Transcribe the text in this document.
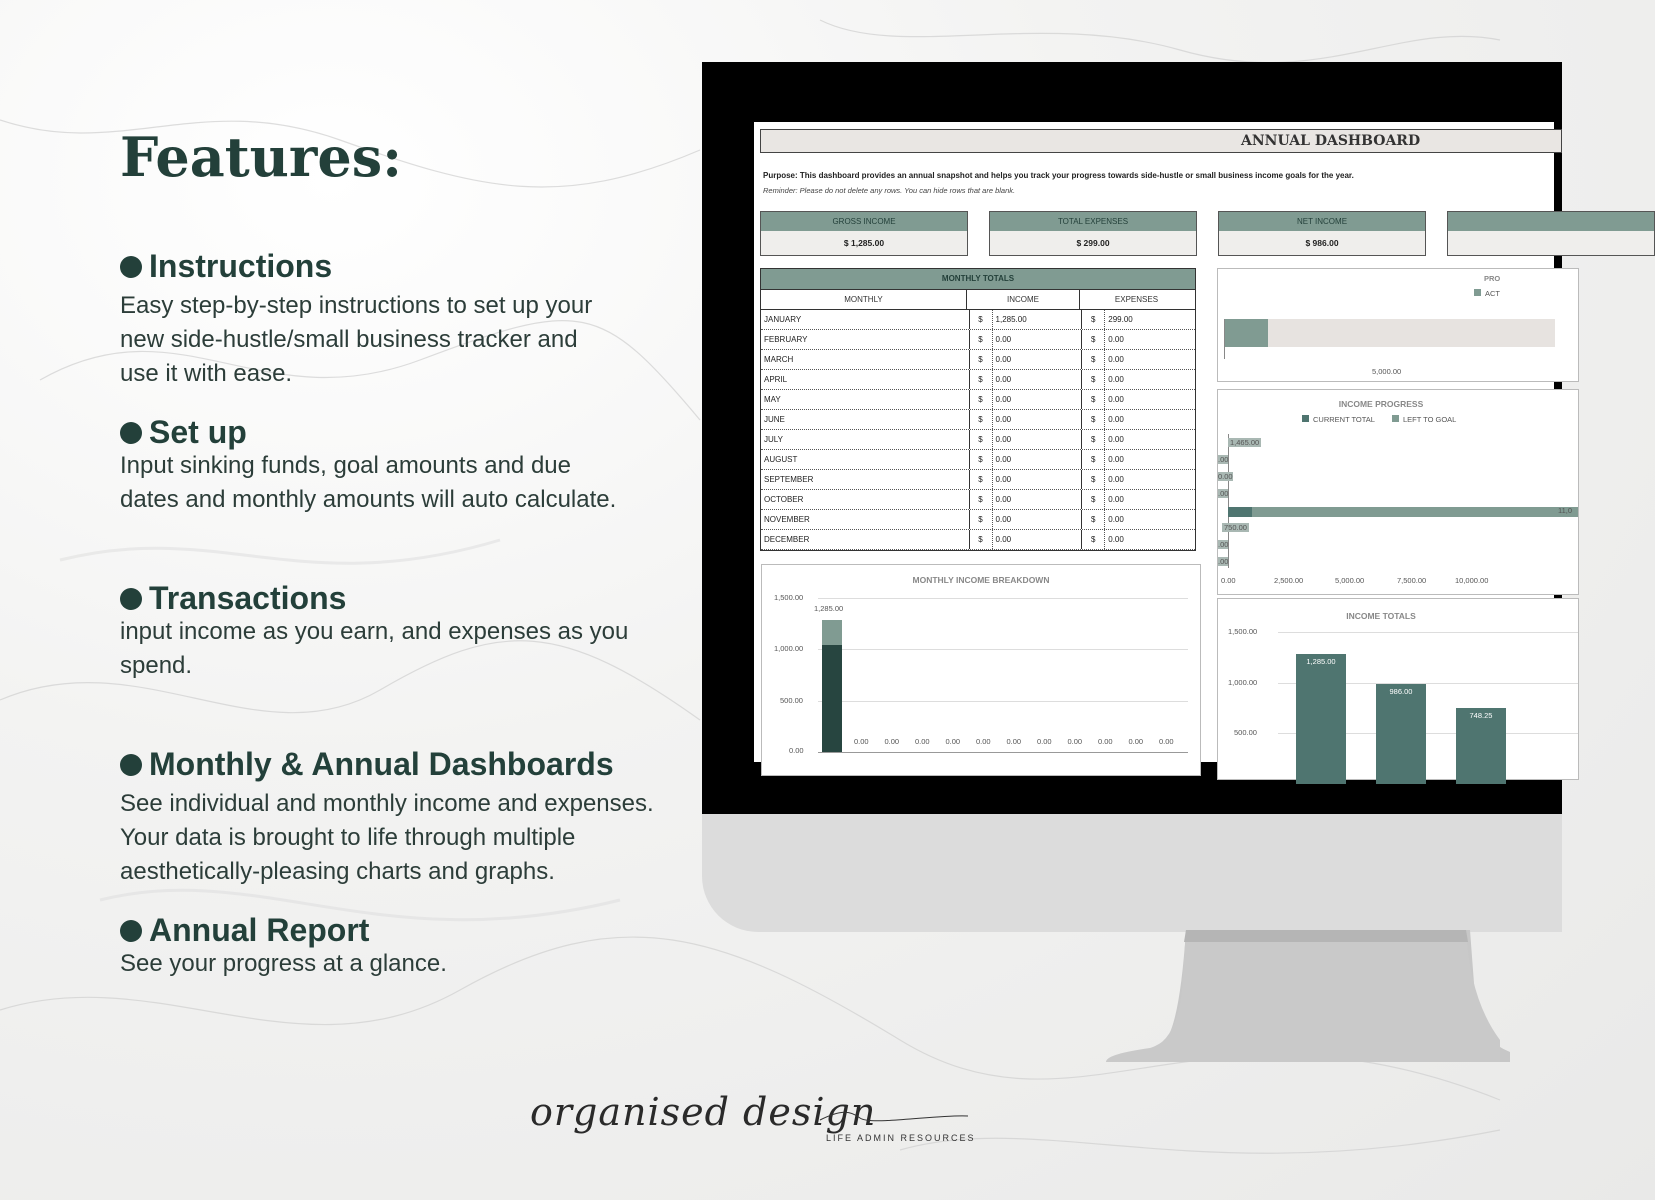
Features:
Instructions

Easy step-by-step instructions to set up your
new side-hustle/small business tracker and
use it with ease.

Set up

Input sinking funds, goal amounts and due
dates and monthly amounts will auto calculate.

Transactions

input income as you earn, and expenses as you
spend.

Monthly & Annual Dashboards

See individual and monthly income and expenses.
Your data is brought to life through multiple
aesthetically-pleasing charts and graphs.

Annual Report

See your progress at a glance.

ANNUAL DASHBOARD
Purpose: This dashboard provides an annual snapshot and helps you track your progress towards side-hustle or small business income goals for the year.
Reminder: Please do not delete any rows. You can hide rows that are blank.
GROSS INCOME
$ 1,285.00
TOTAL EXPENSES
$ 299.00
NET INCOME
$ 986.00
MONTHLY TOTALS
MONTHLY	INCOME	EXPENSES
JANUARY	$	1,285.00	$	299.00
FEBRUARY	$	0.00	$	0.00
MARCH	$	0.00	$	0.00
APRIL	$	0.00	$	0.00
MAY	$	0.00	$	0.00
JUNE	$	0.00	$	0.00
JULY	$	0.00	$	0.00
AUGUST	$	0.00	$	0.00
SEPTEMBER	$	0.00	$	0.00
OCTOBER	$	0.00	$	0.00
NOVEMBER	$	0.00	$	0.00
DECEMBER	$	0.00	$	0.00
PRO
ACT
5,000.00
INCOME PROGRESS
CURRENT TOTAL	LEFT TO GOAL
1,465.00
.00
0.00
.00
11,0
750.00
.00
.00
0.00	2,500.00	5,000.00	7,500.00	10,000.00
MONTHLY INCOME BREAKDOWN
1,500.00
1,000.00
500.00
0.00
1,285.00
0.00 0.00 0.00 0.00 0.00 0.00 0.00 0.00 0.00 0.00 0.00
INCOME TOTALS
1,500.00
1,000.00
500.00
1,285.00
986.00
748.25
organised design
LIFE ADMIN RESOURCES
